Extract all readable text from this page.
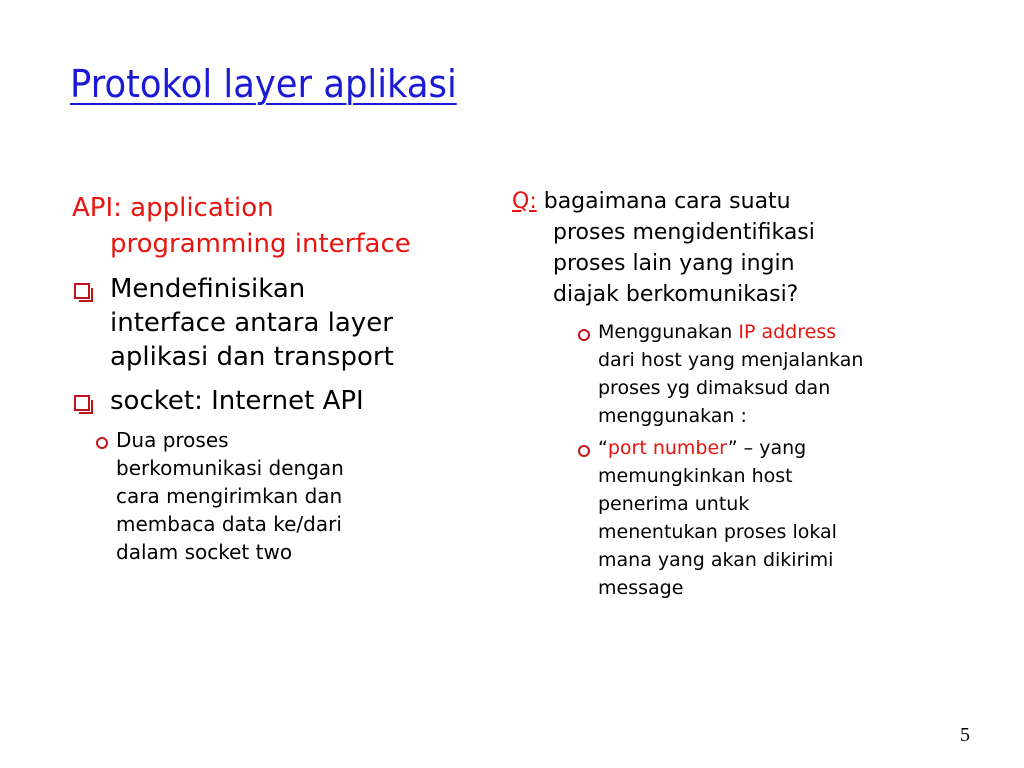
Protokol layer aplikasi
API: application
programming interface
Mendefinisikan
interface antara layer
aplikasi dan transport
socket: Internet API
Dua proses
berkomunikasi dengan
cara mengirimkan dan
membaca data ke/dari
dalam socket two
Q: bagaimana cara suatu
proses mengidentifikasi
proses lain yang ingin
diajak berkomunikasi?
Menggunakan IP address
dari host yang menjalankan
proses yg dimaksud dan
menggunakan :
“port number” – yang
memungkinkan host
penerima untuk
menentukan proses lokal
mana yang akan dikirimi
message
5
